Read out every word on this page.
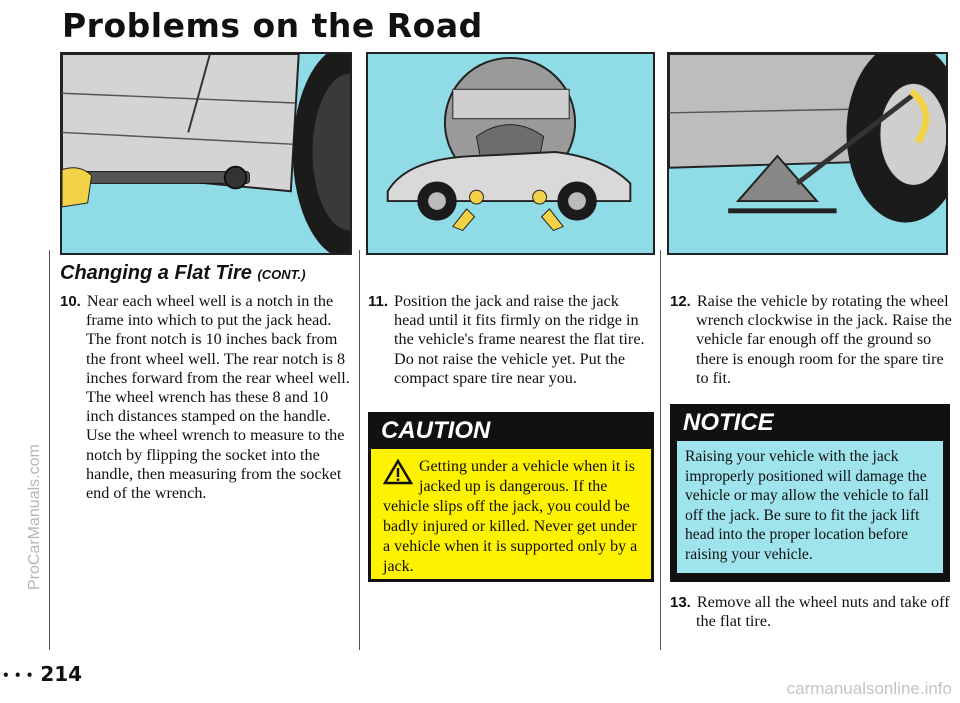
Problems on the Road
ProCarManuals.com
carmanualsonline.info
Changing a Flat Tire (CONT.)
10. Near each wheel well is a notch in the frame into which to put the jack head. The front notch is 10 inches back from the front wheel well. The rear notch is 8 inches forward from the rear wheel well. The wheel wrench has these 8 and 10 inch distances stamped on the handle. Use the wheel wrench to measure to the notch by flipping the socket into the handle, then measuring from the socket end of the wrench.
11. Position the jack and raise the jack head until it fits firmly on the ridge in the vehicle's frame nearest the flat tire. Do not raise the vehicle yet. Put the compact spare tire near you.
CAUTION
Getting under a vehicle when it is jacked up is dangerous. If the vehicle slips off the jack, you could be badly injured or killed. Never get under a vehicle when it is supported only by a jack.
12. Raise the vehicle by rotating the wheel wrench clockwise in the jack. Raise the vehicle far enough off the ground so there is enough room for the spare tire to fit.
NOTICE
Raising your vehicle with the jack improperly positioned will damage the vehicle or may allow the vehicle to fall off the jack. Be sure to fit the jack lift head into the proper location before raising your vehicle.
13. Remove all the wheel nuts and take off the flat tire.
• • • 214
